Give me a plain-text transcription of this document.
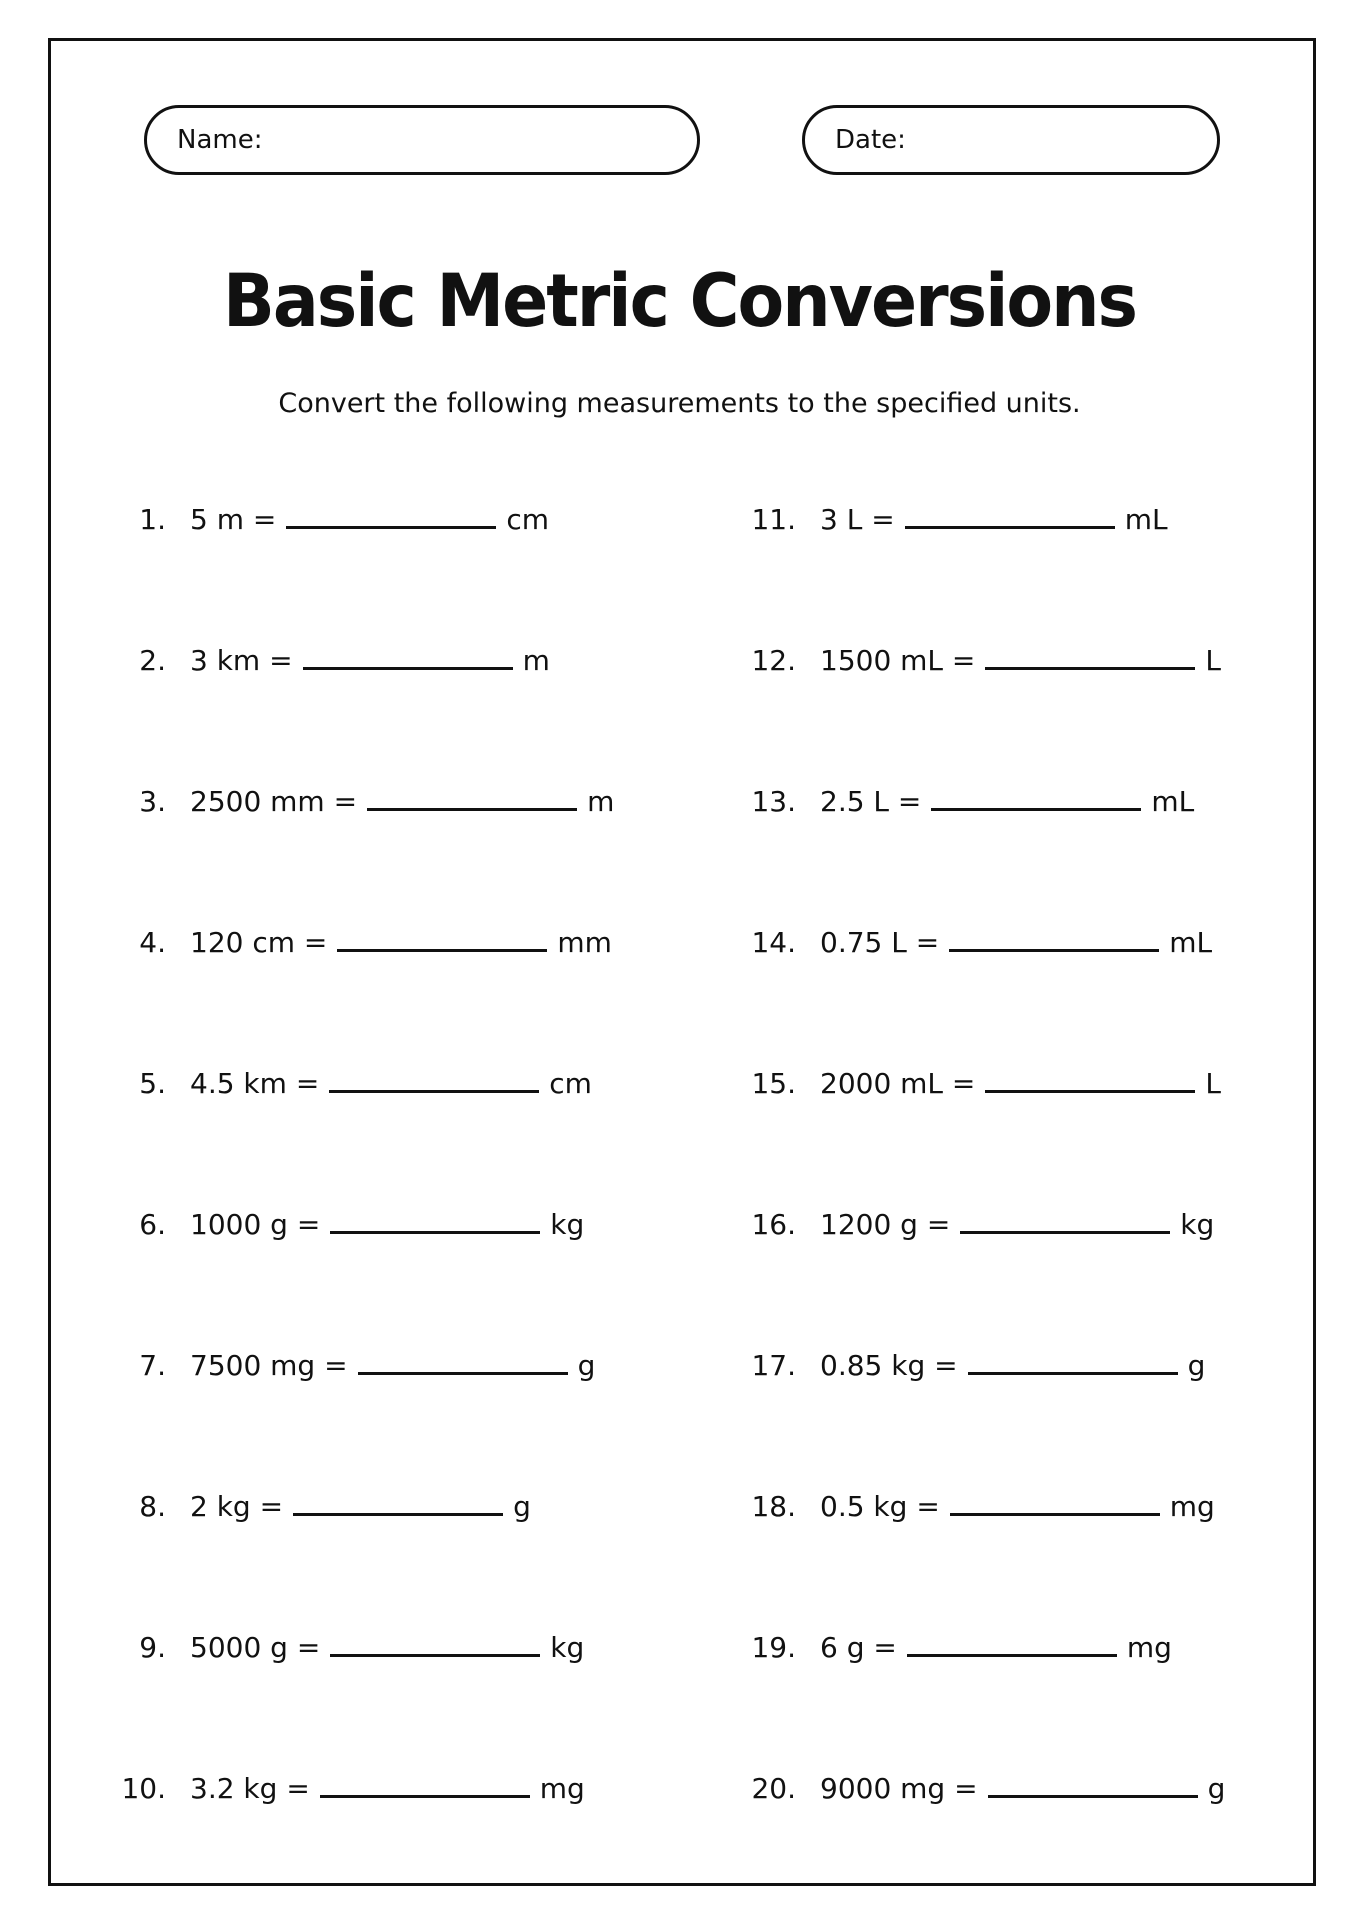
Name:	Date:
Basic Metric Conversions
Convert the following measurements to the specified units.
1. 5 m =	cm
2. 3 km =	m
3. 2500 mm =	m
4. 120 cm =	mm
5. 4.5 km =	cm
6. 1000 g =	kg
7. 7500 mg =	g
8. 2 kg =	g
9. 5000 g =	kg
10. 3.2 kg =	mg
11. 3 L =	mL
12. 1500 mL =	L
13. 2.5 L =	mL
14. 0.75 L =	mL
15. 2000 mL =	L
16. 1200 g =	kg
17. 0.85 kg =	g
18. 0.5 kg =	mg
19. 6 g =	mg
20. 9000 mg =	g
